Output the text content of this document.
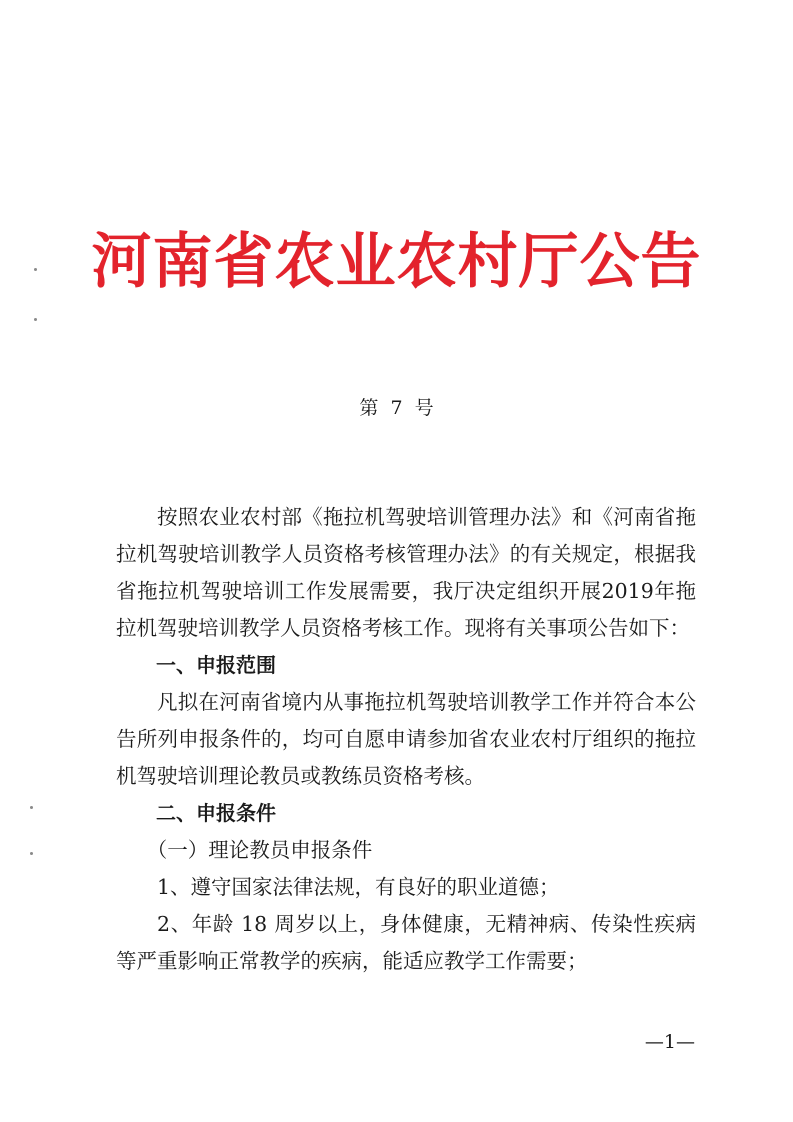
河南省农业农村厅公告

第 7 号

按照农业农村部《拖拉机驾驶培训管理办法》和《河南省拖拉机驾驶培训教学人员资格考核管理办法》的有关规定，根据我省拖拉机驾驶培训工作发展需要，我厅决定组织开展2019年拖拉机驾驶培训教学人员资格考核工作。现将有关事项公告如下：

一、申报范围

凡拟在河南省境内从事拖拉机驾驶培训教学工作并符合本公告所列申报条件的，均可自愿申请参加省农业农村厅组织的拖拉机驾驶培训理论教员或教练员资格考核。

二、申报条件

（一）理论教员申报条件

1、遵守国家法律法规，有良好的职业道德；

2、年龄 18 周岁以上，身体健康，无精神病、传染性疾病等严重影响正常教学的疾病，能适应教学工作需要；

—1—
